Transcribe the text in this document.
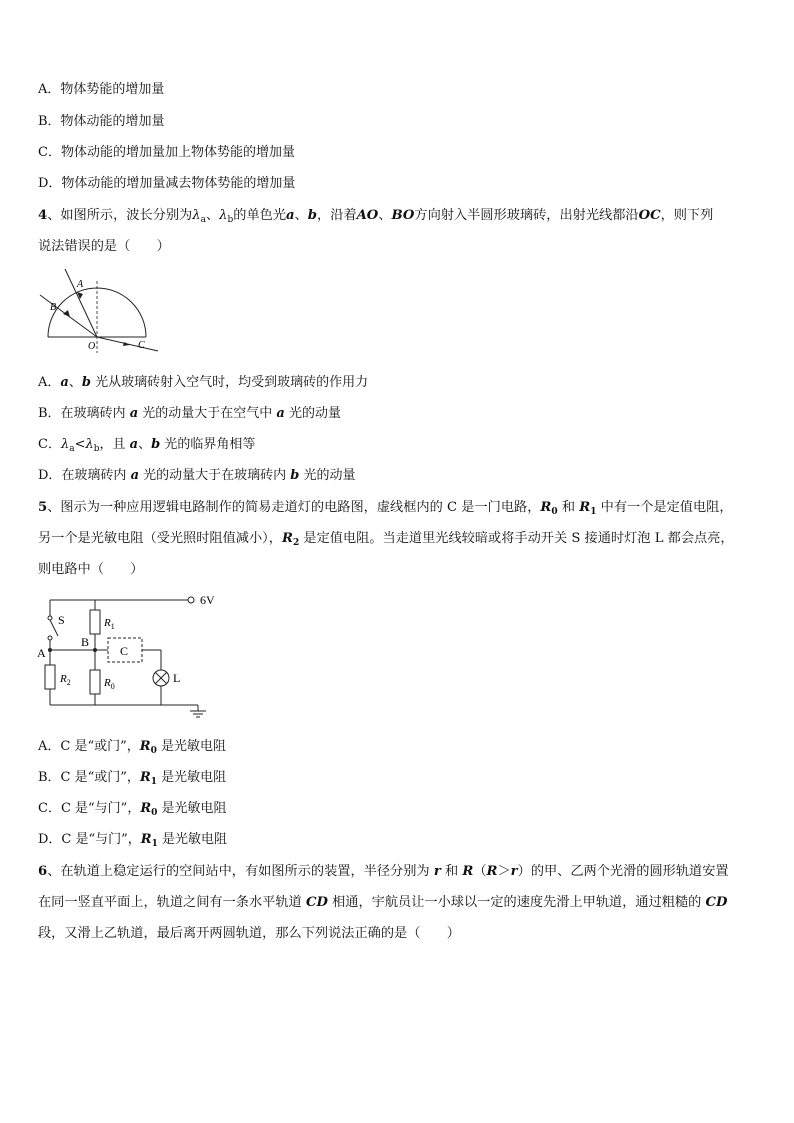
A．物体势能的增加量
B．物体动能的增加量
C．物体动能的增加量加上物体势能的增加量
D．物体动能的增加量减去物体势能的增加量
4、如图所示，波长分别为$\lambda_a$、$\lambda_b$的单色光a、b，沿着AO、BO方向射入半圆形玻璃砖，出射光线都沿OC，则下列
说法错误的是（　　）
A
B
O	C
A．a、b 光从玻璃砖射入空气时，均受到玻璃砖的作用力
B．在玻璃砖内 a 光的动量大于在空气中 a 光的动量
C．$\lambda_a<\lambda_b$，且 a、b 光的临界角相等
D．在玻璃砖内 a 光的动量大于在玻璃砖内 b 光的动量
5、图示为一种应用逻辑电路制作的简易走道灯的电路图，虚线框内的 C 是一门电路，$R_0$ 和 $R_1$ 中有一个是定值电阻，
另一个是光敏电阻（受光照时阻值减小），$R_2$ 是定值电阻。当走道里光线较暗或将手动开关 S 接通时灯泡 L 都会点亮，
则电路中（　　）
6V
S
A
$R_2$
$R_1$
B
$R_0$
C
L
A．C 是“或门”，$R_0$ 是光敏电阻
B．C 是“或门”，$R_1$ 是光敏电阻
C．C 是“与门”，$R_0$ 是光敏电阻
D．C 是“与门”，$R_1$ 是光敏电阻
6、在轨道上稳定运行的空间站中，有如图所示的装置，半径分别为 r 和 R（R＞r）的甲、乙两个光滑的圆形轨道安置
在同一竖直平面上，轨道之间有一条水平轨道 CD 相通，宇航员让一小球以一定的速度先滑上甲轨道，通过粗糙的 CD
段，又滑上乙轨道，最后离开两圆轨道，那么下列说法正确的是（　　）
